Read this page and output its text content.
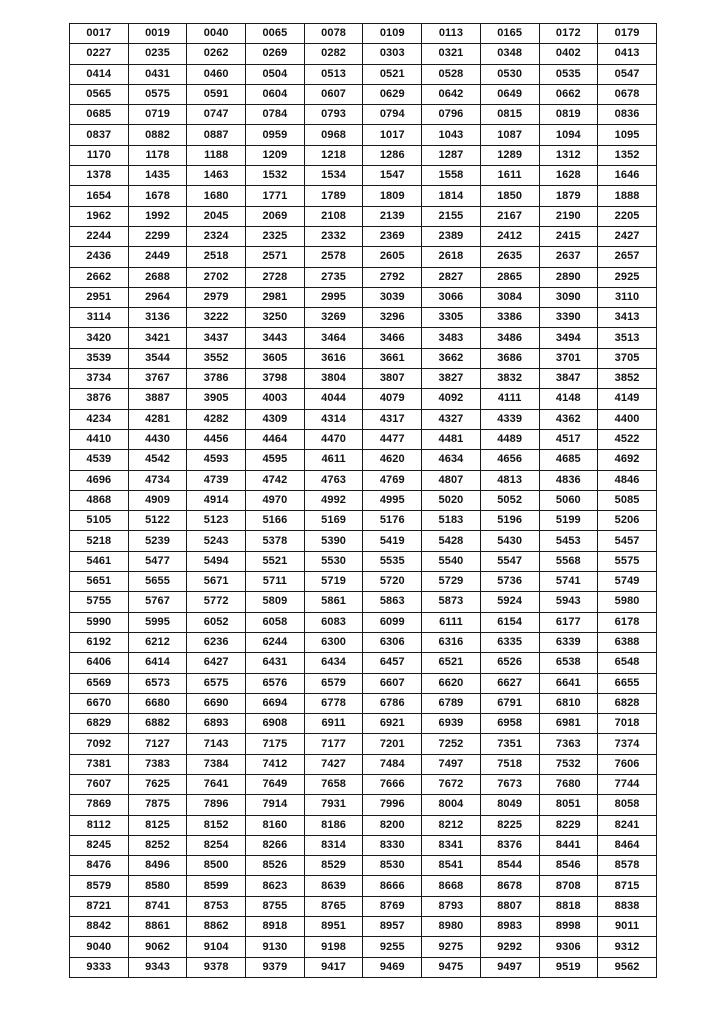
0017	0019	0040	0065	0078	0109	0113	0165	0172	0179
0227	0235	0262	0269	0282	0303	0321	0348	0402	0413
0414	0431	0460	0504	0513	0521	0528	0530	0535	0547
0565	0575	0591	0604	0607	0629	0642	0649	0662	0678
0685	0719	0747	0784	0793	0794	0796	0815	0819	0836
0837	0882	0887	0959	0968	1017	1043	1087	1094	1095
1170	1178	1188	1209	1218	1286	1287	1289	1312	1352
1378	1435	1463	1532	1534	1547	1558	1611	1628	1646
1654	1678	1680	1771	1789	1809	1814	1850	1879	1888
1962	1992	2045	2069	2108	2139	2155	2167	2190	2205
2244	2299	2324	2325	2332	2369	2389	2412	2415	2427
2436	2449	2518	2571	2578	2605	2618	2635	2637	2657
2662	2688	2702	2728	2735	2792	2827	2865	2890	2925
2951	2964	2979	2981	2995	3039	3066	3084	3090	3110
3114	3136	3222	3250	3269	3296	3305	3386	3390	3413
3420	3421	3437	3443	3464	3466	3483	3486	3494	3513
3539	3544	3552	3605	3616	3661	3662	3686	3701	3705
3734	3767	3786	3798	3804	3807	3827	3832	3847	3852
3876	3887	3905	4003	4044	4079	4092	4111	4148	4149
4234	4281	4282	4309	4314	4317	4327	4339	4362	4400
4410	4430	4456	4464	4470	4477	4481	4489	4517	4522
4539	4542	4593	4595	4611	4620	4634	4656	4685	4692
4696	4734	4739	4742	4763	4769	4807	4813	4836	4846
4868	4909	4914	4970	4992	4995	5020	5052	5060	5085
5105	5122	5123	5166	5169	5176	5183	5196	5199	5206
5218	5239	5243	5378	5390	5419	5428	5430	5453	5457
5461	5477	5494	5521	5530	5535	5540	5547	5568	5575
5651	5655	5671	5711	5719	5720	5729	5736	5741	5749
5755	5767	5772	5809	5861	5863	5873	5924	5943	5980
5990	5995	6052	6058	6083	6099	6111	6154	6177	6178
6192	6212	6236	6244	6300	6306	6316	6335	6339	6388
6406	6414	6427	6431	6434	6457	6521	6526	6538	6548
6569	6573	6575	6576	6579	6607	6620	6627	6641	6655
6670	6680	6690	6694	6778	6786	6789	6791	6810	6828
6829	6882	6893	6908	6911	6921	6939	6958	6981	7018
7092	7127	7143	7175	7177	7201	7252	7351	7363	7374
7381	7383	7384	7412	7427	7484	7497	7518	7532	7606
7607	7625	7641	7649	7658	7666	7672	7673	7680	7744
7869	7875	7896	7914	7931	7996	8004	8049	8051	8058
8112	8125	8152	8160	8186	8200	8212	8225	8229	8241
8245	8252	8254	8266	8314	8330	8341	8376	8441	8464
8476	8496	8500	8526	8529	8530	8541	8544	8546	8578
8579	8580	8599	8623	8639	8666	8668	8678	8708	8715
8721	8741	8753	8755	8765	8769	8793	8807	8818	8838
8842	8861	8862	8918	8951	8957	8980	8983	8998	9011
9040	9062	9104	9130	9198	9255	9275	9292	9306	9312
9333	9343	9378	9379	9417	9469	9475	9497	9519	9562
